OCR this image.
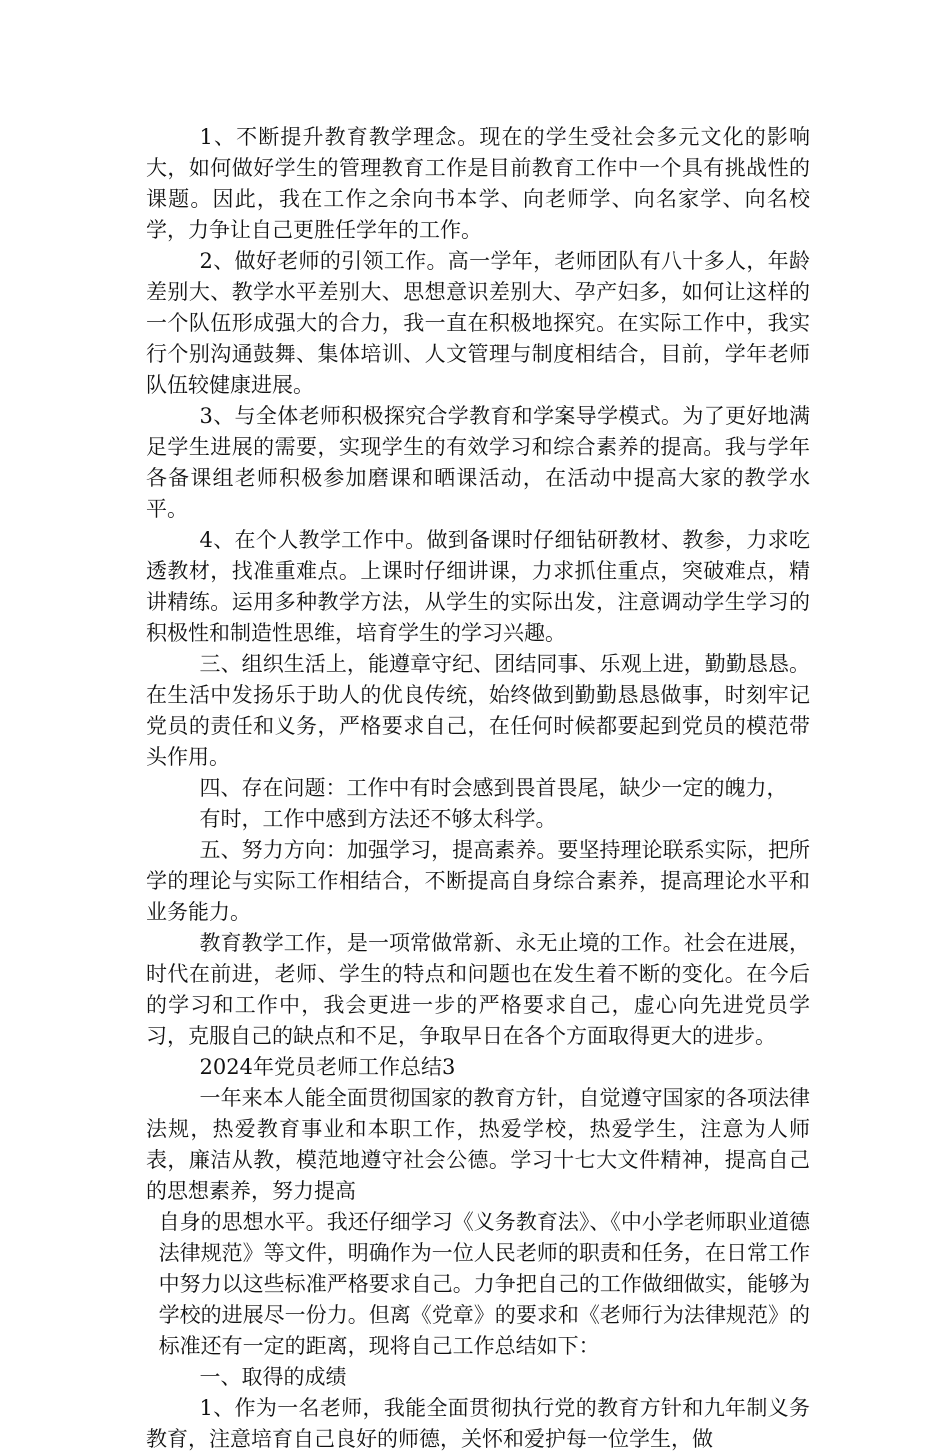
1、不断提升教育教学理念。现在的学生受社会多元文化的影响大，如何做好学生的管理教育工作是目前教育工作中一个具有挑战性的课题。因此，我在工作之余向书本学、向老师学、向名家学、向名校学，力争让自己更胜任学年的工作。

2、做好老师的引领工作。高一学年，老师团队有八十多人，年龄差别大、教学水平差别大、思想意识差别大、孕产妇多，如何让这样的一个队伍形成强大的合力，我一直在积极地探究。在实际工作中，我实行个别沟通鼓舞、集体培训、人文管理与制度相结合，目前，学年老师队伍较健康进展。

3、与全体老师积极探究合学教育和学案导学模式。为了更好地满足学生进展的需要，实现学生的有效学习和综合素养的提高。我与学年各备课组老师积极参加磨课和晒课活动，在活动中提高大家的教学水平。

4、在个人教学工作中。做到备课时仔细钻研教材、教参，力求吃透教材，找准重难点。上课时仔细讲课，力求抓住重点，突破难点，精讲精练。运用多种教学方法，从学生的实际出发，注意调动学生学习的积极性和制造性思维，培育学生的学习兴趣。

三、组织生活上，能遵章守纪、团结同事、乐观上进，勤勤恳恳。在生活中发扬乐于助人的优良传统，始终做到勤勤恳恳做事，时刻牢记党员的责任和义务，严格要求自己，在任何时候都要起到党员的模范带头作用。

四、存在问题：工作中有时会感到畏首畏尾，缺少一定的魄力，

有时，工作中感到方法还不够太科学。

五、努力方向：加强学习，提高素养。要坚持理论联系实际，把所学的理论与实际工作相结合，不断提高自身综合素养，提高理论水平和业务能力。

教育教学工作，是一项常做常新、永无止境的工作。社会在进展，时代在前进，老师、学生的特点和问题也在发生着不断的变化。在今后的学习和工作中，我会更进一步的严格要求自己，虚心向先进党员学习，克服自己的缺点和不足，争取早日在各个方面取得更大的进步。

2024年党员老师工作总结3

一年来本人能全面贯彻国家的教育方针，自觉遵守国家的各项法律法规，热爱教育事业和本职工作，热爱学校，热爱学生，注意为人师表，廉洁从教，模范地遵守社会公德。学习十七大文件精神，提高自己的思想素养，努力提高

自身的思想水平。我还仔细学习《义务教育法》、《中小学老师职业道德法律规范》等文件，明确作为一位人民老师的职责和任务，在日常工作中努力以这些标准严格要求自己。力争把自己的工作做细做实，能够为学校的进展尽一份力。但离《党章》的要求和《老师行为法律规范》的标准还有一定的距离，现将自己工作总结如下：

一、取得的成绩

1、作为一名老师，我能全面贯彻执行党的教育方针和九年制义务教育，注意培育自己良好的师德，关怀和爱护每一位学生，做
